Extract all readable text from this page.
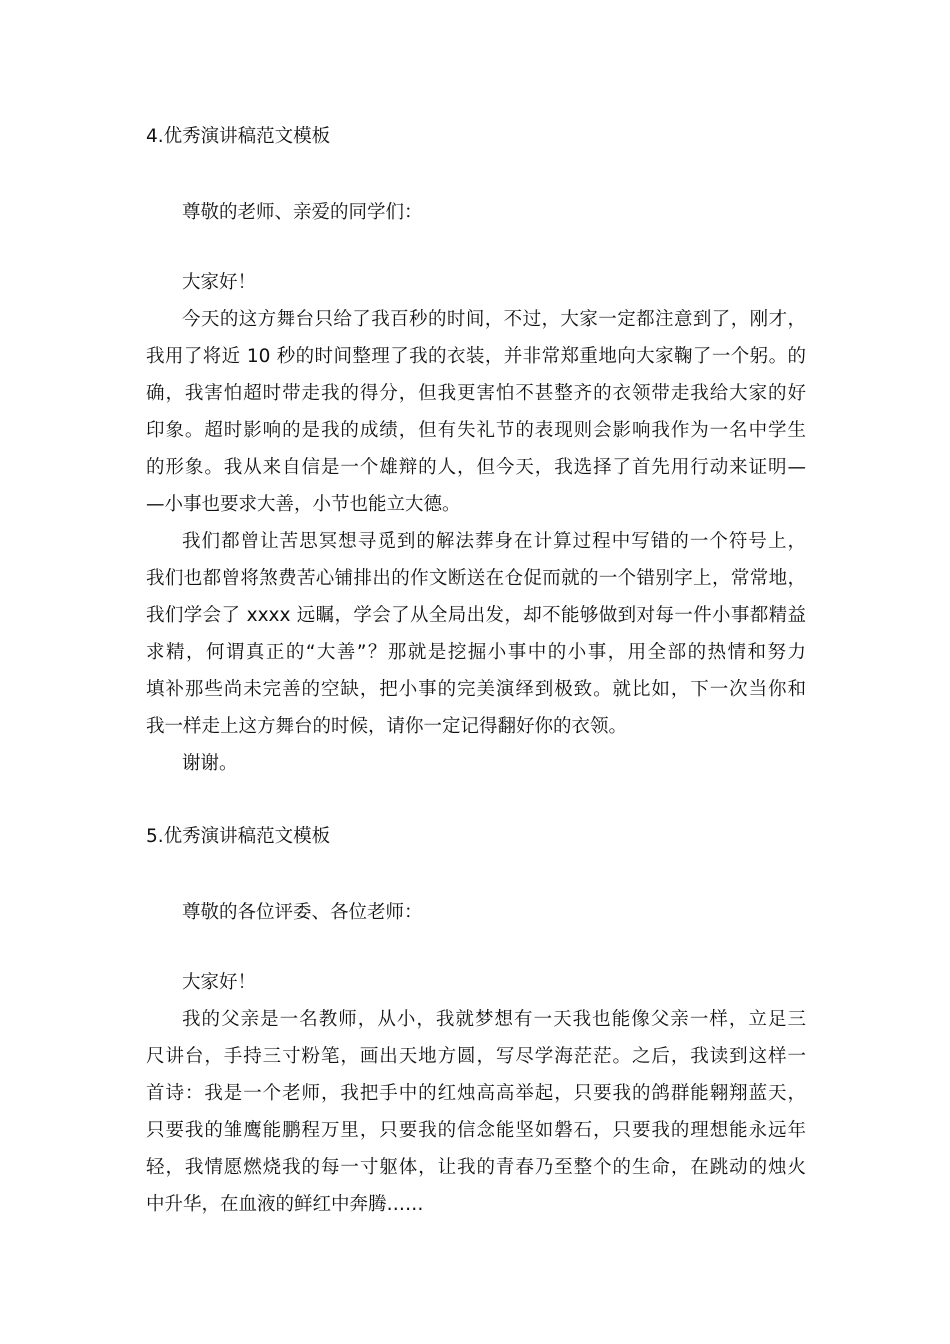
4.优秀演讲稿范文模板

尊敬的老师、亲爱的同学们：

大家好！

今天的这方舞台只给了我百秒的时间，不过，大家一定都注意到了，刚才，

我用了将近 10 秒的时间整理了我的衣装，并非常郑重地向大家鞠了一个躬。的

确，我害怕超时带走我的得分，但我更害怕不甚整齐的衣领带走我给大家的好

印象。超时影响的是我的成绩，但有失礼节的表现则会影响我作为一名中学生

的形象。我从来自信是一个雄辩的人，但今天，我选择了首先用行动来证明—

—小事也要求大善，小节也能立大德。

我们都曾让苦思冥想寻觅到的解法葬身在计算过程中写错的一个符号上，

我们也都曾将煞费苦心铺排出的作文断送在仓促而就的一个错别字上，常常地，

我们学会了 xxxx 远瞩，学会了从全局出发，却不能够做到对每一件小事都精益

求精，何谓真正的“大善”？那就是挖掘小事中的小事，用全部的热情和努力

填补那些尚未完善的空缺，把小事的完美演绎到极致。就比如，下一次当你和

我一样走上这方舞台的时候，请你一定记得翻好你的衣领。

谢谢。

5.优秀演讲稿范文模板

尊敬的各位评委、各位老师：

大家好！

我的父亲是一名教师，从小，我就梦想有一天我也能像父亲一样，立足三

尺讲台，手持三寸粉笔，画出天地方圆，写尽学海茫茫。之后，我读到这样一

首诗：我是一个老师，我把手中的红烛高高举起，只要我的鸽群能翱翔蓝天，

只要我的雏鹰能鹏程万里，只要我的信念能坚如磐石，只要我的理想能永远年

轻，我情愿燃烧我的每一寸躯体，让我的青春乃至整个的生命，在跳动的烛火

中升华，在血液的鲜红中奔腾……
